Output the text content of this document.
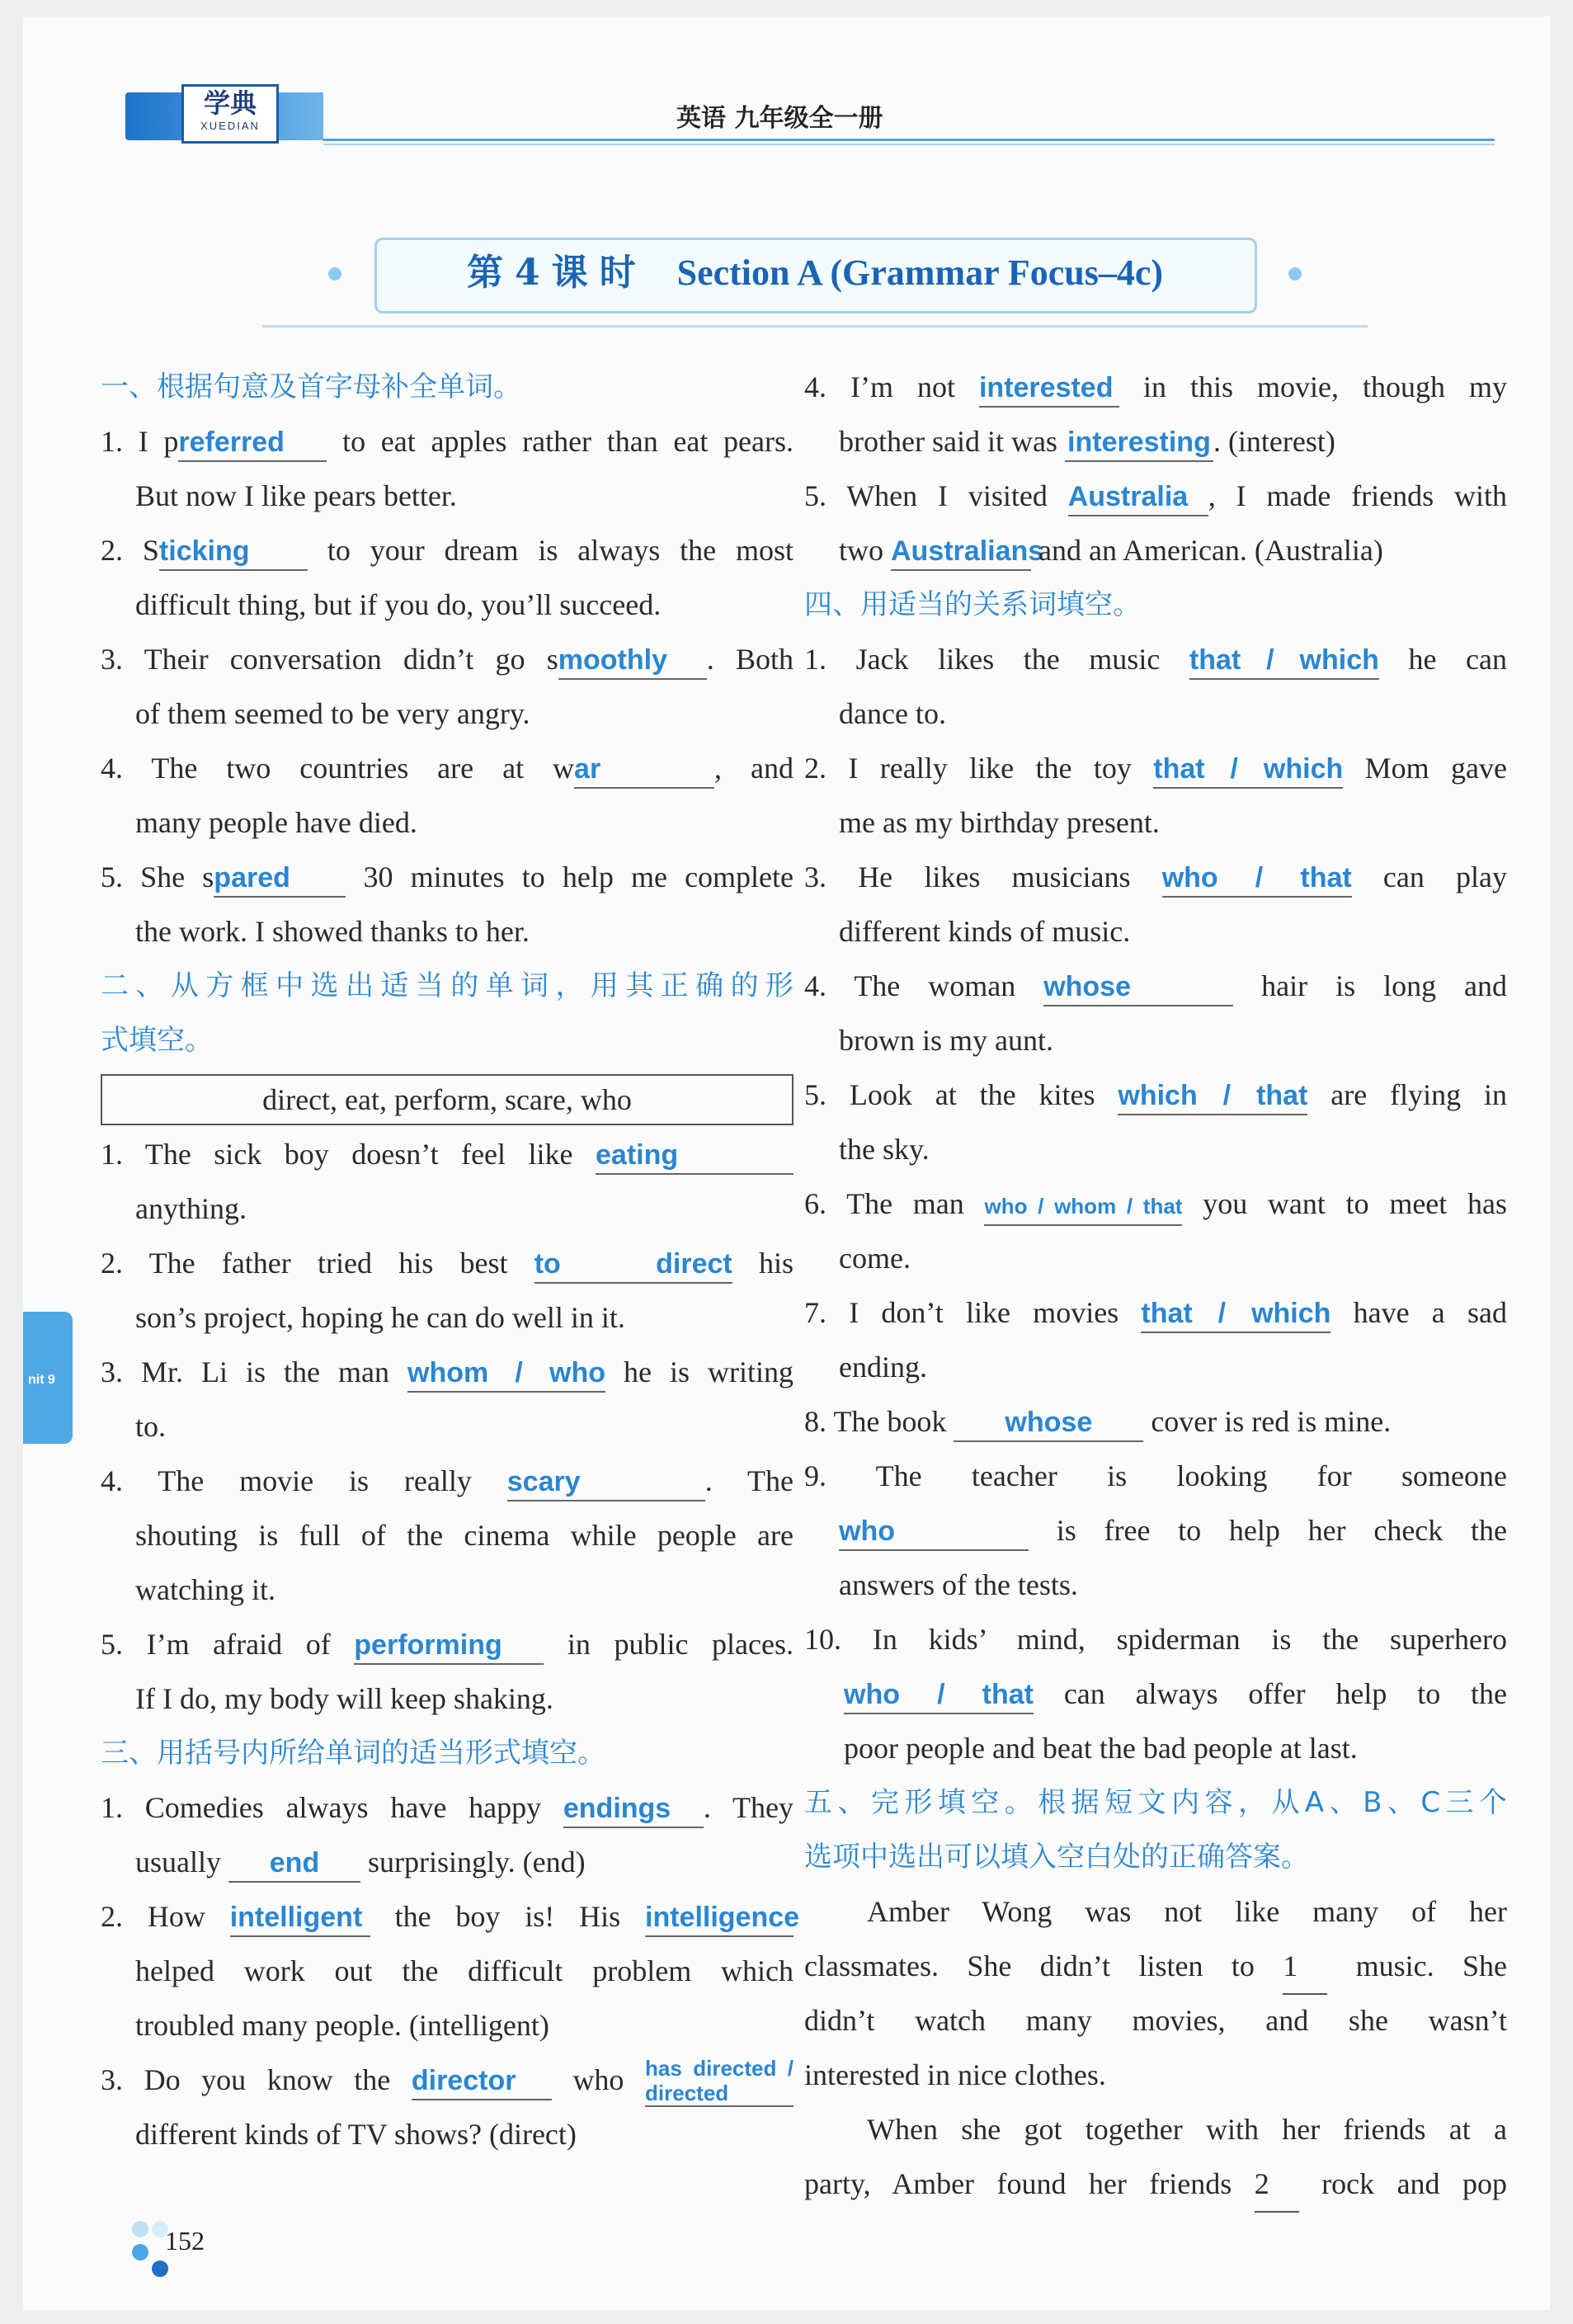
学典
XUEDIAN	英语 九年级全一册
第4课时 Section A (Grammar Focus–4c)
一、根据句意及首字母补全单词。
1. I preferred to eat apples rather than eat pears.
But now I like pears better.
2. Sticking	to your dream is always the most
difficult thing, but if you do, you’ll succeed.
3. Their conversation didn’t go smoothly . Both
of them seemed to be very angry.
4. The two countries are at war	, and
many people have died.
5. She spared 30 minutes to help me complete
the work. I showed thanks to her.
二、从方框中选出适当的单词，用其正确的形
式填空。
direct, eat, perform, scare, who
1. The sick boy doesn’t feel like eating
anything.
2. The father tried his best to direct his
son’s project, hoping he can do well in it.
3. Mr. Li is the man whom / who he is writing
to.
4. The movie is really scary	. The
shouting is full of the cinema while people are
watching it.
5. I’m afraid of performing in public places.
If I do, my body will keep shaking.
三、用括号内所给单词的适当形式填空。
1. Comedies always have happy endings . They
usually end surprisingly. (end)
2. How intelligent the boy is! His intelligence
helped work out the difficult problem which
troubled many people. (intelligent)
3. Do you know the director who has directed /
directed
different kinds of TV shows? (direct)
4. I’m not interested in this movie, though my
brother said it was interesting. (interest)
5. When I visited Australia , I made friends with
two Australians and an American. (Australia)
四、用适当的关系词填空。
1. Jack likes the music that / which he can
dance to.
2. I really like the toy that / which Mom gave
me as my birthday present.
3. He likes musicians who / that can play
different kinds of music.
4. The woman whose	hair is long and
brown is my aunt.
5. Look at the kites which / that are flying in
the sky.
6. The man who / whom / that you want to meet has
come.
7. I don’t like movies that / which have a sad
ending.
8. The book whose cover is red is mine.
9. The teacher is looking for someone
who	is free to help her check the
answers of the tests.
10. In kids’ mind, spiderman is the superhero
who / that can always offer help to the
poor people and beat the bad people at last.
五、完形填空。根据短文内容，从A、B、C三个
选项中选出可以填入空白处的正确答案。
Amber Wong was not like many of her
classmates. She didn’t listen to 1 music. She
didn’t watch many movies, and she wasn’t
interested in nice clothes.
When she got together with her friends at a
party, Amber found her friends 2 rock and pop
nit 9
152
